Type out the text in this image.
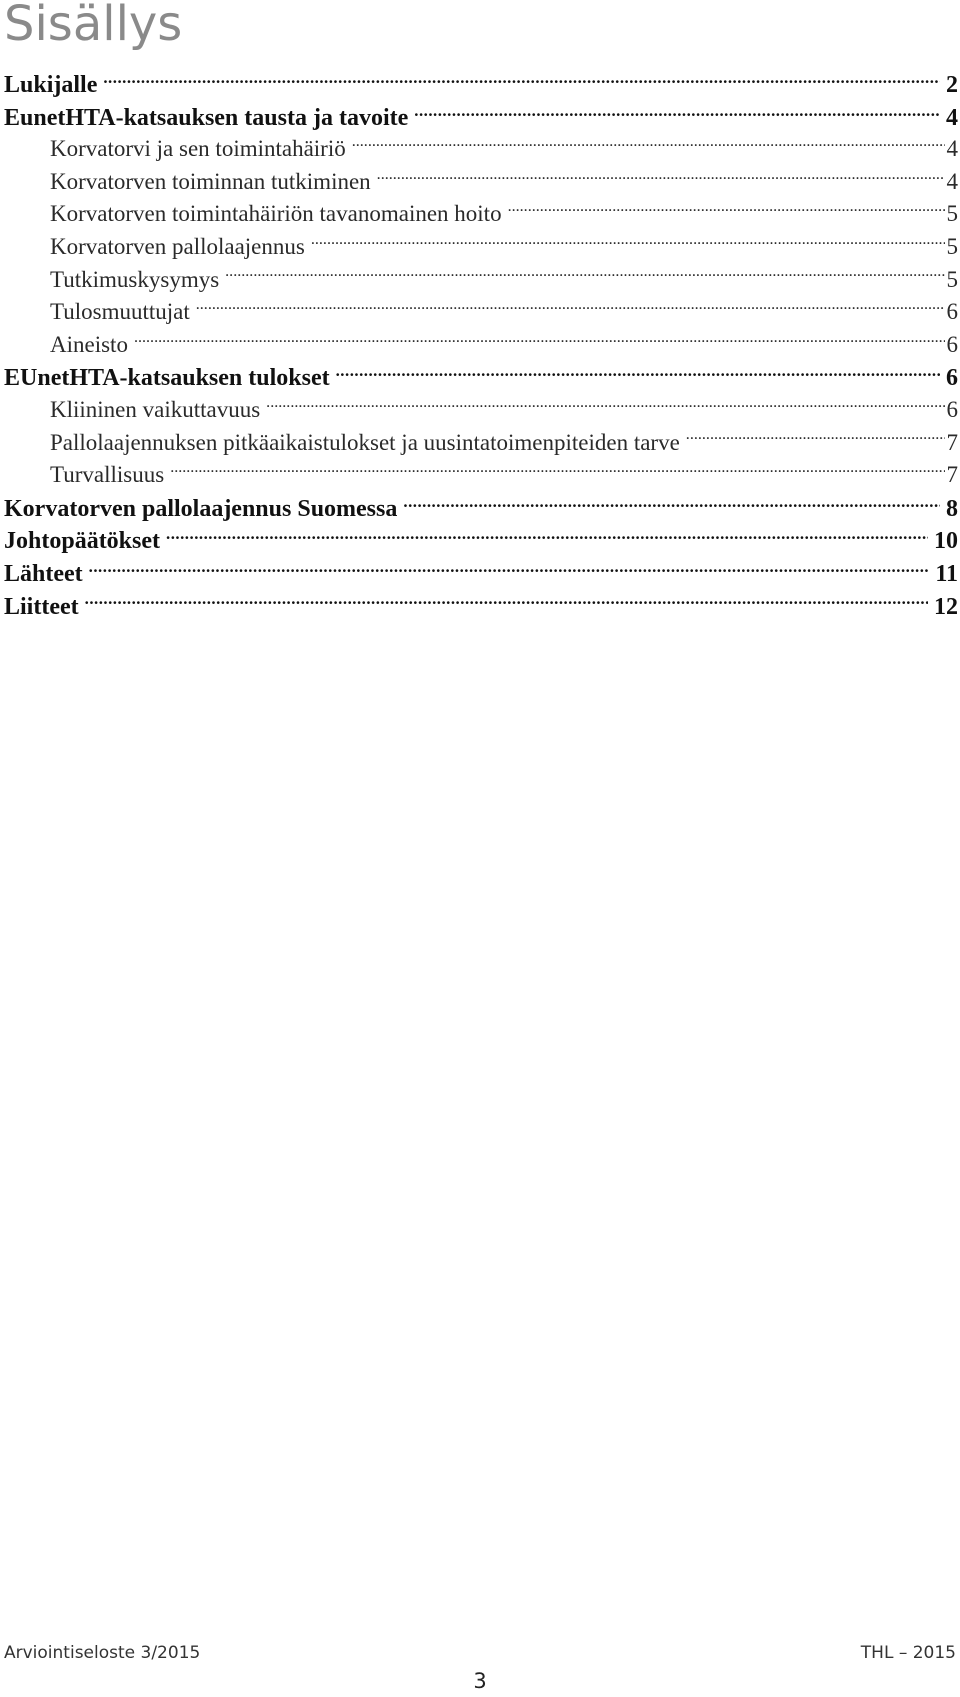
Sisällys
Lukijalle .....	2
EunetHTA-katsauksen tausta ja tavoite .....	4
Korvatorvi ja sen toimintahäiriö .....	4
Korvatorven toiminnan tutkiminen .....	4
Korvatorven toimintahäiriön tavanomainen hoito .....	5
Korvatorven pallolaajennus .....	5
Tutkimuskysymys .....	5
Tulosmuuttujat .....	6
Aineisto .....	6
EUnetHTA-katsauksen tulokset .....	6
Kliininen vaikuttavuus .....	6
Pallolaajennuksen pitkäaikaistulokset ja uusintatoimenpiteiden tarve .....	7
Turvallisuus .....	7
Korvatorven pallolaajennus Suomessa .....	8
Johtopäätökset .....	10
Lähteet .....	11
Liitteet .....	12
Arviointiseloste 3/2015	THL – 2015
3
